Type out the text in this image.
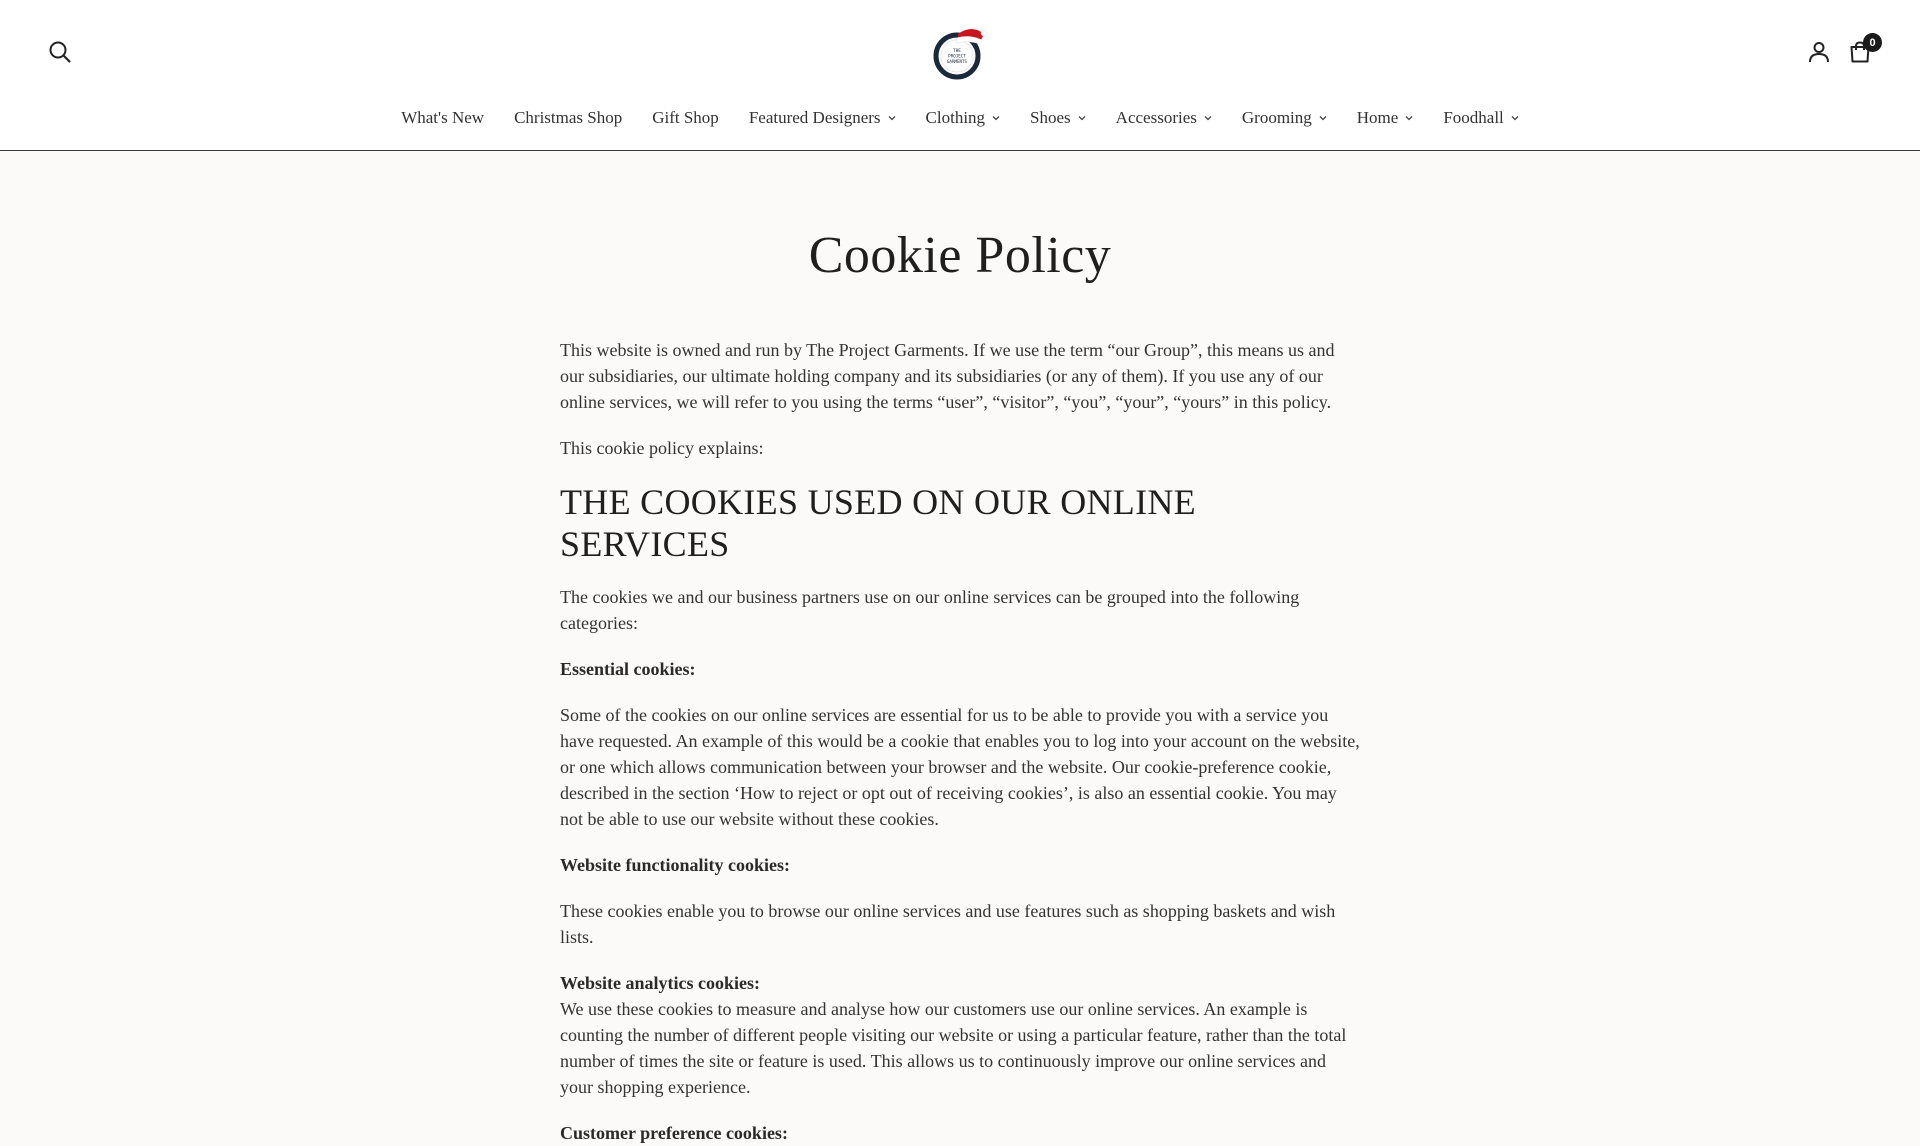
THE
PROJECT
GARMENTS
0
What's New Christmas Shop Gift Shop Featured Designers	Clothing	Shoes	Accessories	Grooming	Home	Foodhall
Cookie Policy

This website is owned and run by The Project Garments. If we use the term “our Group”, this means us and our subsidiaries, our ultimate holding company and its subsidiaries (or any of them). If you use any of our online services, we will refer to you using the terms “user”, “visitor”, “you”, “your”, “yours” in this policy.

This cookie policy explains:

THE COOKIES USED ON OUR ONLINE SERVICES

The cookies we and our business partners use on our online services can be grouped into the following categories:

Essential cookies:

Some of the cookies on our online services are essential for us to be able to provide you with a service you have requested. An example of this would be a cookie that enables you to log into your account on the website, or one which allows communication between your browser and the website. Our cookie-preference cookie, described in the section ‘How to reject or opt out of receiving cookies’, is also an essential cookie. You may not be able to use our website without these cookies.

Website functionality cookies:

These cookies enable you to browse our online services and use features such as shopping baskets and wish lists.

Website analytics cookies:

We use these cookies to measure and analyse how our customers use our online services. An example is counting the number of different people visiting our website or using a particular feature, rather than the total number of times the site or feature is used. This allows us to continuously improve our online services and your shopping experience.

Customer preference cookies:
